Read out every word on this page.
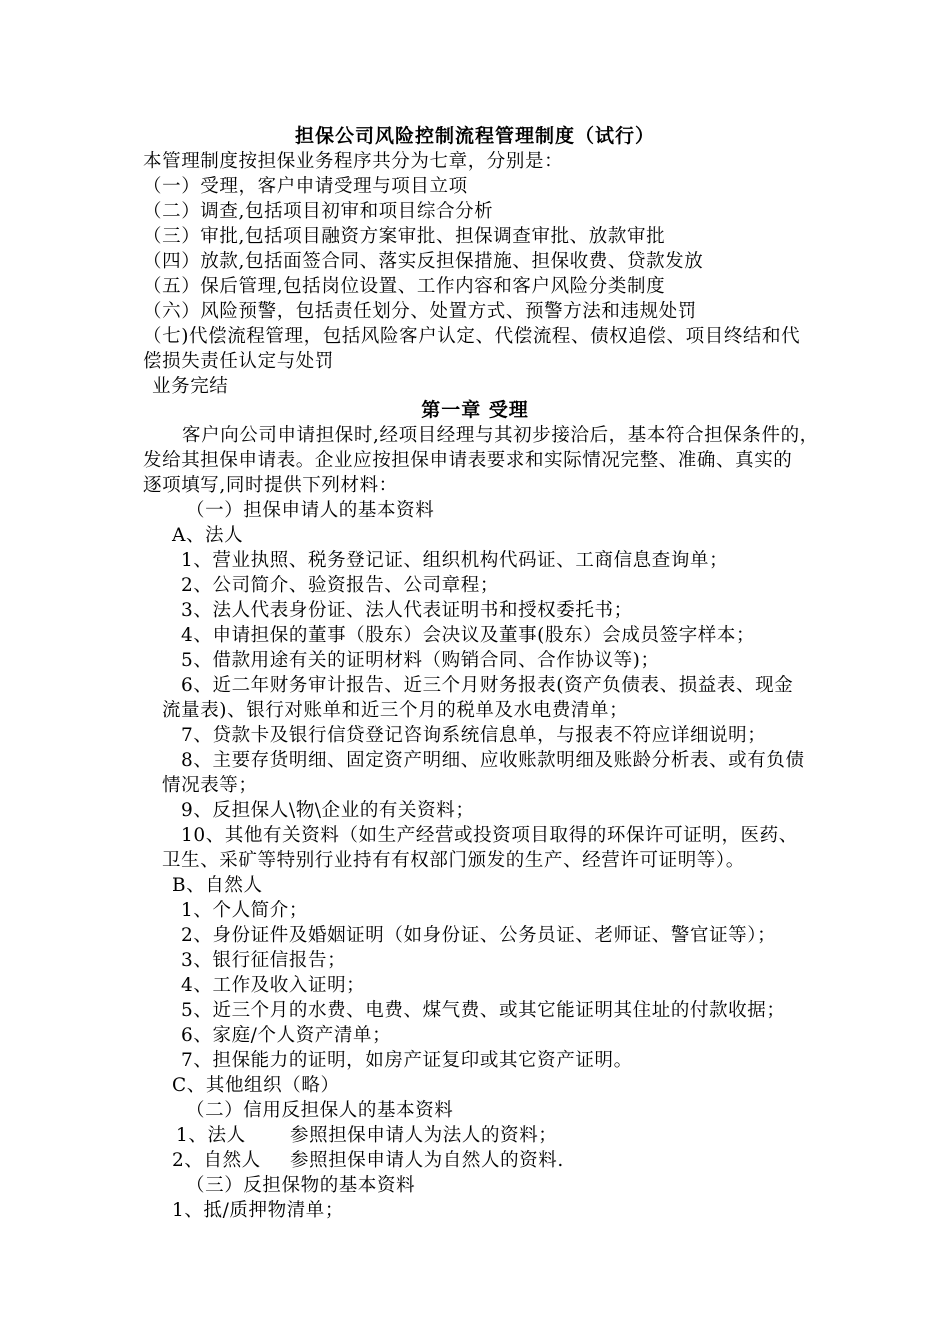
担保公司风险控制流程管理制度（试行）
本管理制度按担保业务程序共分为七章，分别是：
（一）受理，客户申请受理与项目立项
（二）调查,包括项目初审和项目综合分析
（三）审批,包括项目融资方案审批、担保调查审批、放款审批
（四）放款,包括面签合同、落实反担保措施、担保收费、贷款发放
（五）保后管理,包括岗位设置、工作内容和客户风险分类制度
（六）风险预警，包括责任划分、处置方式、预警方法和违规处罚
（七)代偿流程管理，包括风险客户认定、代偿流程、债权追偿、项目终结和代
偿损失责任认定与处罚
业务完结
第一章 受理
客户向公司申请担保时,经项目经理与其初步接洽后，基本符合担保条件的，
发给其担保申请表。企业应按担保申请表要求和实际情况完整、准确、真实的
逐项填写,同时提供下列材料：
（一）担保申请人的基本资料
A、法人
1、营业执照、税务登记证、组织机构代码证、工商信息查询单；
2、公司简介、验资报告、公司章程；
3、法人代表身份证、法人代表证明书和授权委托书；
4、申请担保的董事（股东）会决议及董事(股东）会成员签字样本；
5、借款用途有关的证明材料（购销合同、合作协议等)；
6、近二年财务审计报告、近三个月财务报表(资产负债表、损益表、现金
流量表)、银行对账单和近三个月的税单及水电费清单；
7、贷款卡及银行信贷登记咨询系统信息单，与报表不符应详细说明；
8、主要存货明细、固定资产明细、应收账款明细及账龄分析表、或有负债
情况表等；
9、反担保人\物\企业的有关资料；
10、其他有关资料（如生产经营或投资项目取得的环保许可证明，医药、
卫生、采矿等特别行业持有有权部门颁发的生产、经营许可证明等）。
B、自然人
1、个人简介；
2、身份证件及婚姻证明（如身份证、公务员证、老师证、警官证等）；
3、银行征信报告；
4、工作及收入证明；
5、近三个月的水费、电费、煤气费、或其它能证明其住址的付款收据；
6、家庭/个人资产清单；
7、担保能力的证明，如房产证复印或其它资产证明。
C、其他组织（略）
（二）信用反担保人的基本资料
1、法人 参照担保申请人为法人的资料；
2、自然人 参照担保申请人为自然人的资料.
（三）反担保物的基本资料
1、抵/质押物清单；
